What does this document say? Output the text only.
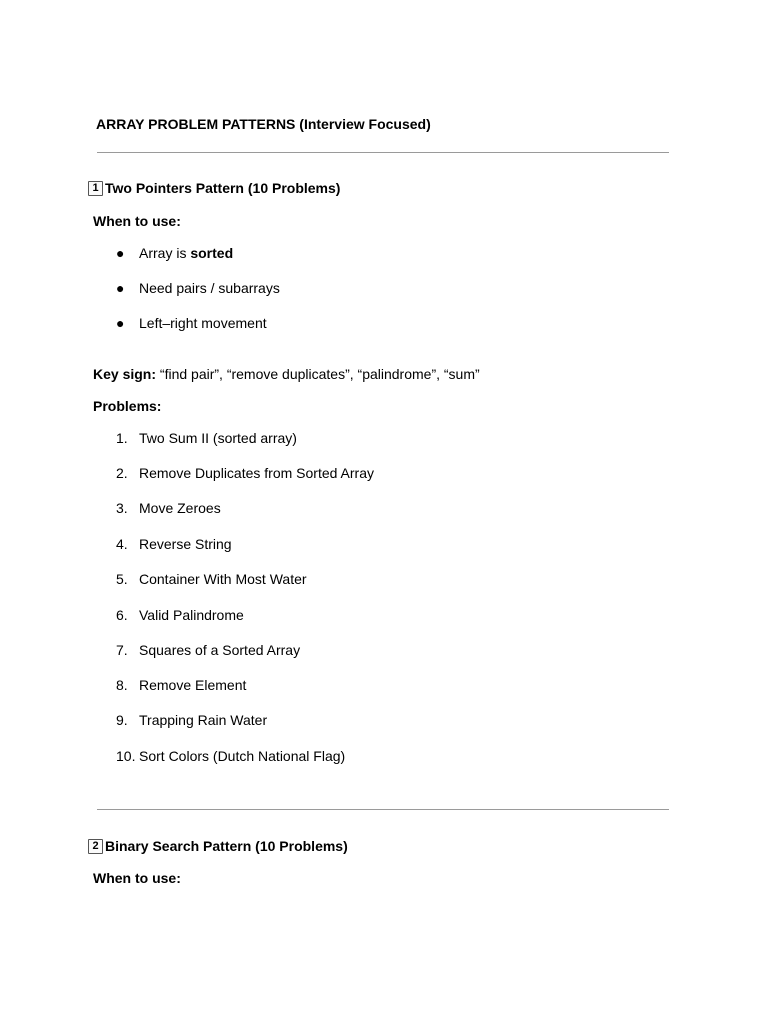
ARRAY PROBLEM PATTERNS (Interview Focused)
1 Two Pointers Pattern (10 Problems)
When to use:
●	Array is sorted
●	Need pairs / subarrays
●	Left–right movement
Key sign: “find pair”, “remove duplicates”, “palindrome”, “sum”
Problems:
1. Two Sum II (sorted array)
2. Remove Duplicates from Sorted Array
3. Move Zeroes
4. Reverse String
5. Container With Most Water
6. Valid Palindrome
7. Squares of a Sorted Array
8. Remove Element
9. Trapping Rain Water
10. Sort Colors (Dutch National Flag)
2 Binary Search Pattern (10 Problems)
When to use:
